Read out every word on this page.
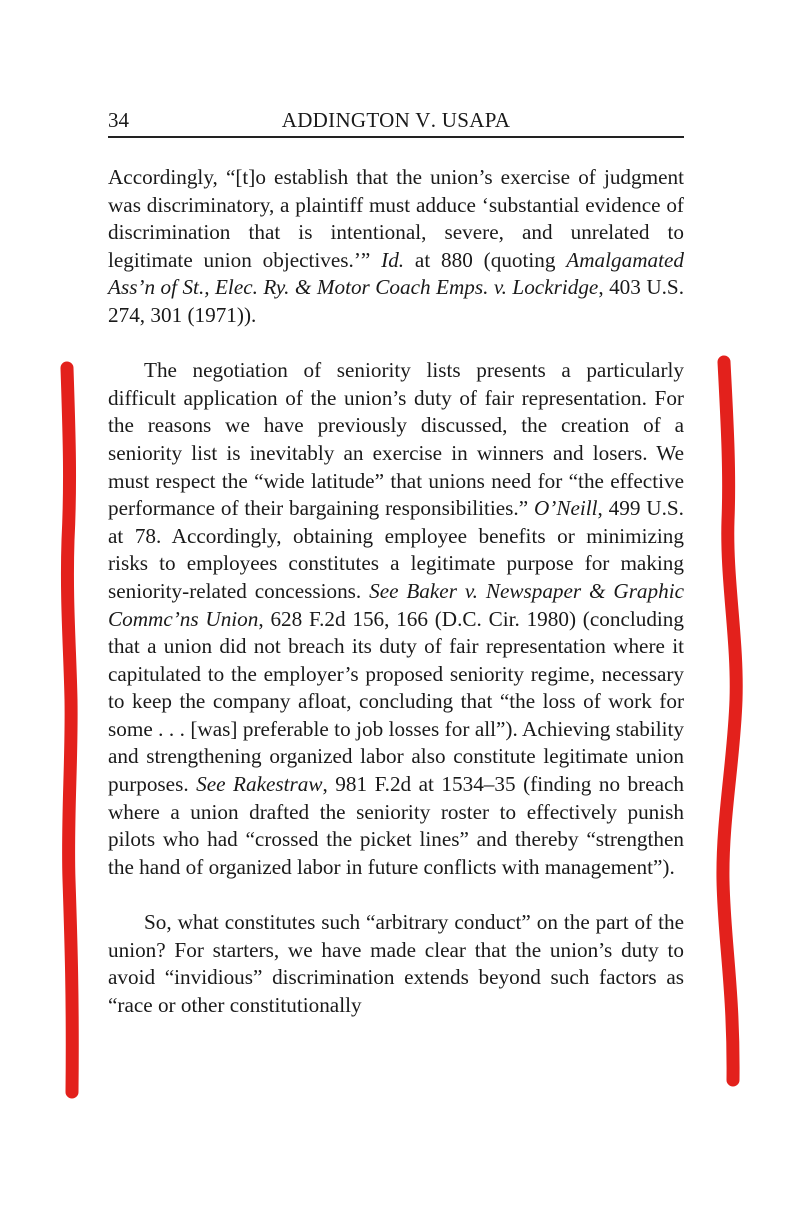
34	ADDINGTON V. USAPA

Accordingly, “[t]o establish that the union’s exercise of judgment was discriminatory, a plaintiff must adduce ‘substantial evidence of discrimination that is intentional, severe, and unrelated to legitimate union objectives.’” Id. at 880 (quoting Amalgamated Ass’n of St., Elec. Ry. & Motor Coach Emps. v. Lockridge, 403 U.S. 274, 301 (1971)).

The negotiation of seniority lists presents a particularly difficult application of the union’s duty of fair representation. For the reasons we have previously discussed, the creation of a seniority list is inevitably an exercise in winners and losers. We must respect the “wide latitude” that unions need for “the effective performance of their bargaining responsibilities.” O’Neill, 499 U.S. at 78. Accordingly, obtaining employee benefits or minimizing risks to employees constitutes a legitimate purpose for making seniority-related concessions. See Baker v. Newspaper & Graphic Commc’ns Union, 628 F.2d 156, 166 (D.C. Cir. 1980) (concluding that a union did not breach its duty of fair representation where it capitulated to the employer’s proposed seniority regime, necessary to keep the company afloat, concluding that “the loss of work for some . . . [was] preferable to job losses for all”). Achieving stability and strengthening organized labor also constitute legitimate union purposes. See Rakestraw, 981 F.2d at 1534–35 (finding no breach where a union drafted the seniority roster to effectively punish pilots who had “crossed the picket lines” and thereby “strengthen the hand of organized labor in future conflicts with management”).

So, what constitutes such “arbitrary conduct” on the part of the union? For starters, we have made clear that the union’s duty to avoid “invidious” discrimination extends beyond such factors as “race or other constitutionally
